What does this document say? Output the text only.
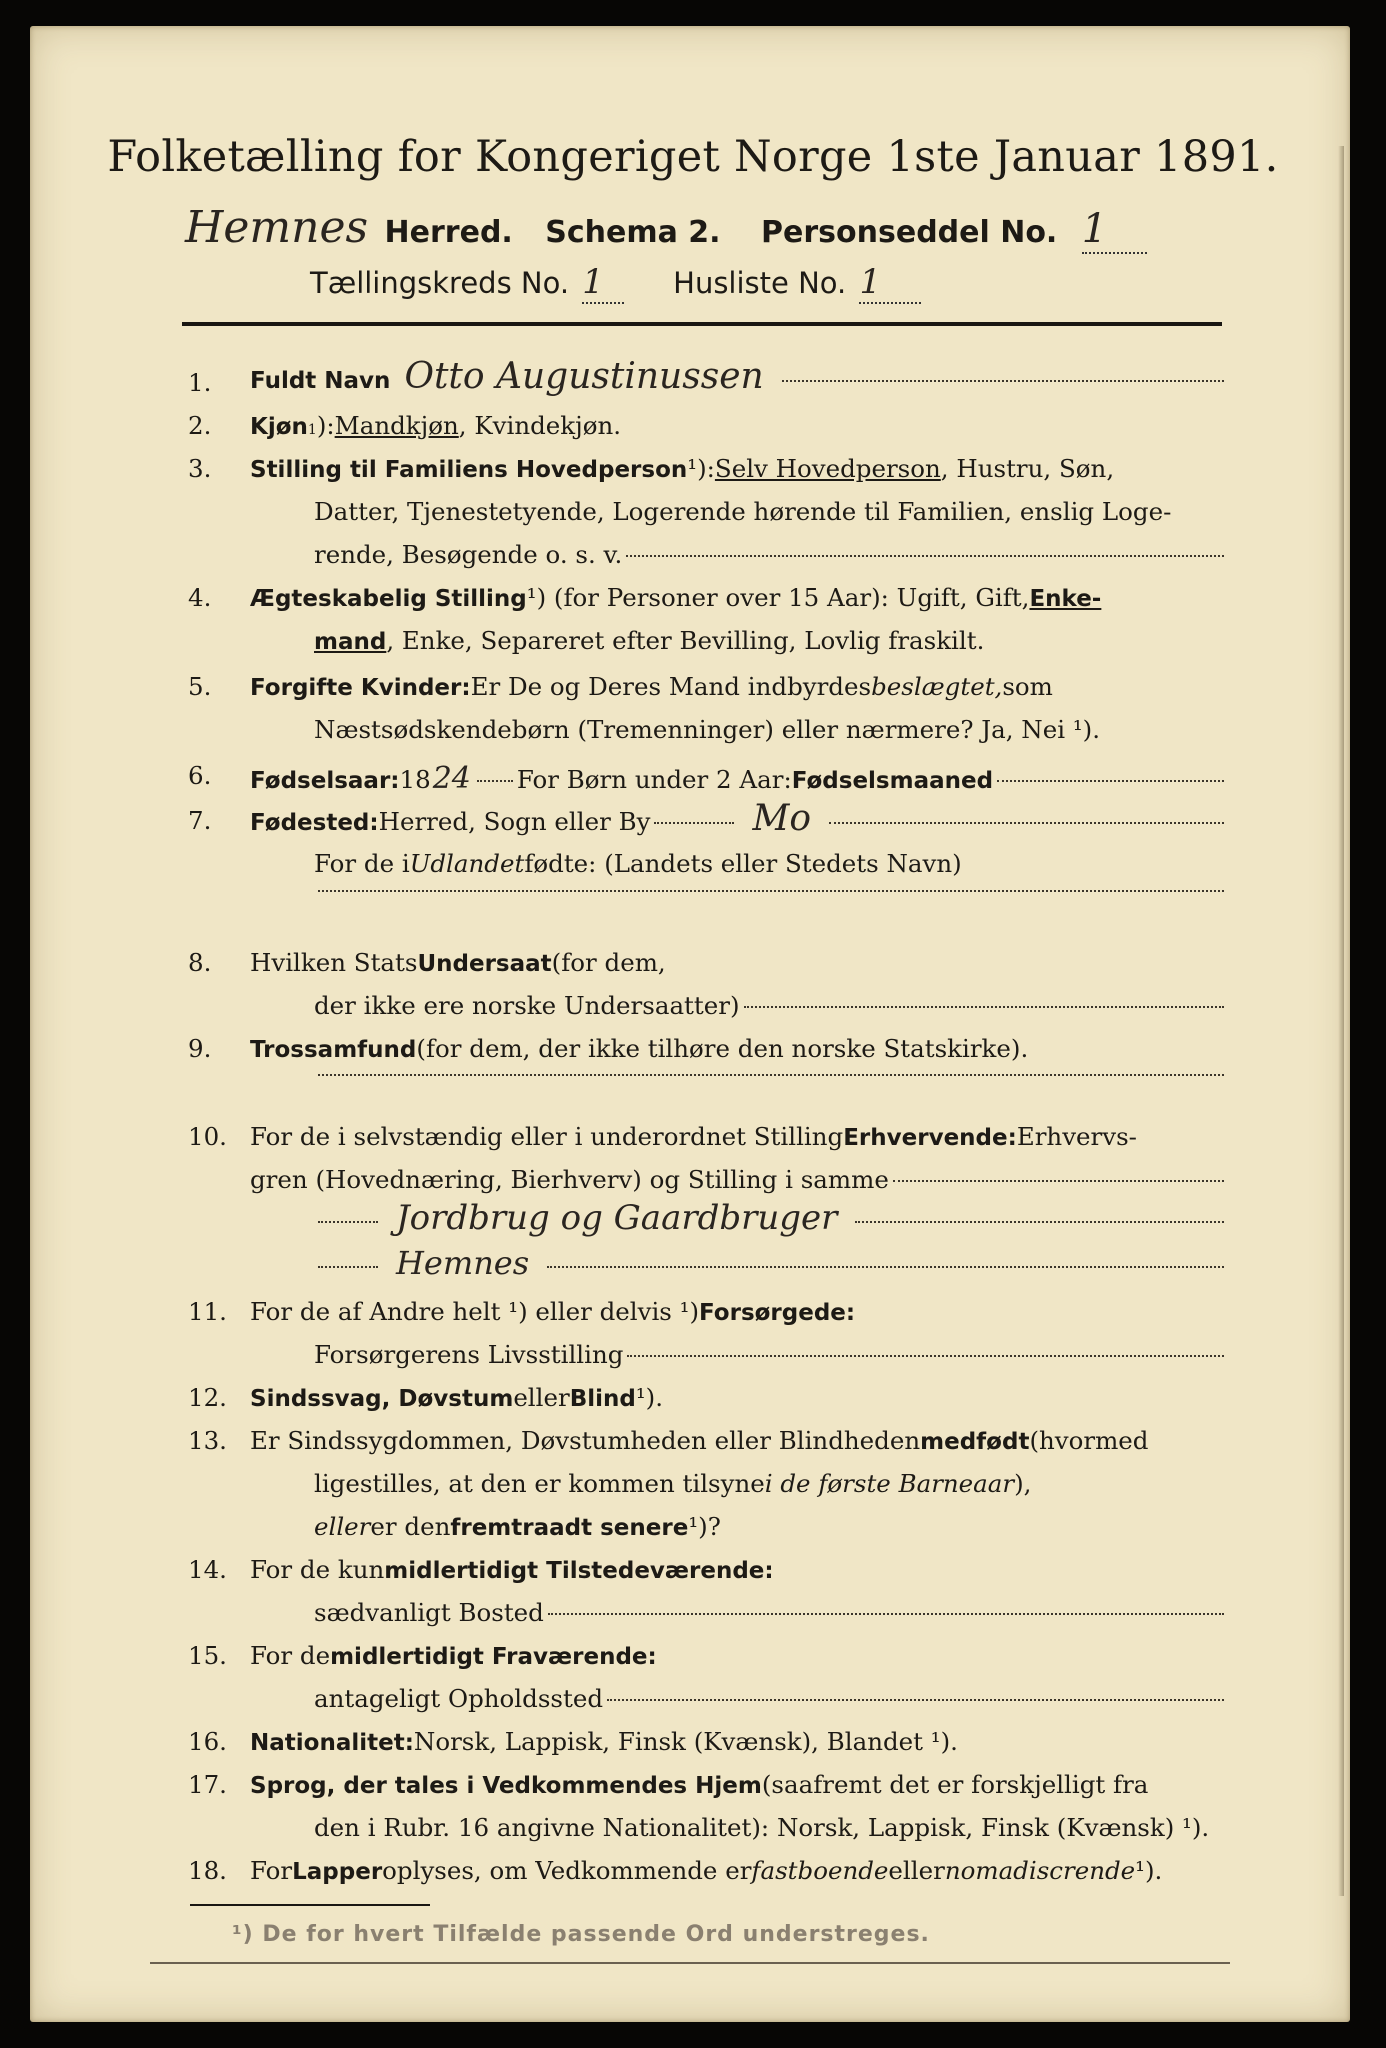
Folketælling for Kongeriget Norge 1ste Januar 1891.
Hemnes Herred. Schema 2. Personseddel No. 1
Tællingskreds No. 1 Husliste No. 1
1.	Fuldt Navn Otto Augustinussen
2.	Kjøn 1 ): Mandkjøn , Kvindekjøn.
3.	Stilling til Familiens Hovedperson ¹): Selv Hovedperson , Hustru, Søn,
Datter, Tjenestetyende, Logerende hørende til Familien, enslig Loge-
rende, Besøgende o. s. v.
4.	Ægteskabelig Stilling ¹) (for Personer over 15 Aar): Ugift, Gift, Enke-
mand , Enke, Separeret efter Bevilling, Lovlig fraskilt.
5.	For gifte Kvinder: Er De og Deres Mand indbyrdes beslægtet, som
Næstsødskendebørn (Tremenninger) eller nærmere? Ja, Nei ¹).
6.	Fødselsaar: 18 24 For Børn under 2 Aar: Fødselsmaaned
7.	Fødested: Herred, Sogn eller By	Mo
For de i Udlandet fødte: (Landets eller Stedets Navn)
8.	Hvilken Stats Undersaat (for dem,
der ikke ere norske Undersaatter)
9.	Trossamfund (for dem, der ikke tilhøre den norske Statskirke).
10. For de i selvstændig eller i underordnet Stilling Erhvervende: Erhvervs-
gren (Hovednæring, Bierhverv) og Stilling i samme
Jordbrug og Gaardbruger
Hemnes
11. For de af Andre helt ¹) eller delvis ¹) Forsørgede:
Forsørgerens Livsstilling
12.	Sindssvag, Døvstum eller Blind ¹).
13. Er Sindssygdommen, Døvstumheden eller Blindheden medfødt (hvormed
ligestilles, at den er kommen tilsyne i de første Barneaar ),
eller er den fremtraadt senere ¹)?
14. For de kun midlertidigt Tilstedeværende:
sædvanligt Bosted
15. For de midlertidigt Fraværende:
antageligt Opholdssted
16.	Nationalitet: Norsk, Lappisk, Finsk (Kvænsk), Blandet ¹).
17.	Sprog, der tales i Vedkommendes Hjem (saafremt det er forskjelligt fra
den i Rubr. 16 angivne Nationalitet): Norsk, Lappisk, Finsk (Kvænsk) ¹).
18. For Lapper oplyses, om Vedkommende er fastboende eller nomadiscrende ¹).
¹) De for hvert Tilfælde passende Ord understreges.
